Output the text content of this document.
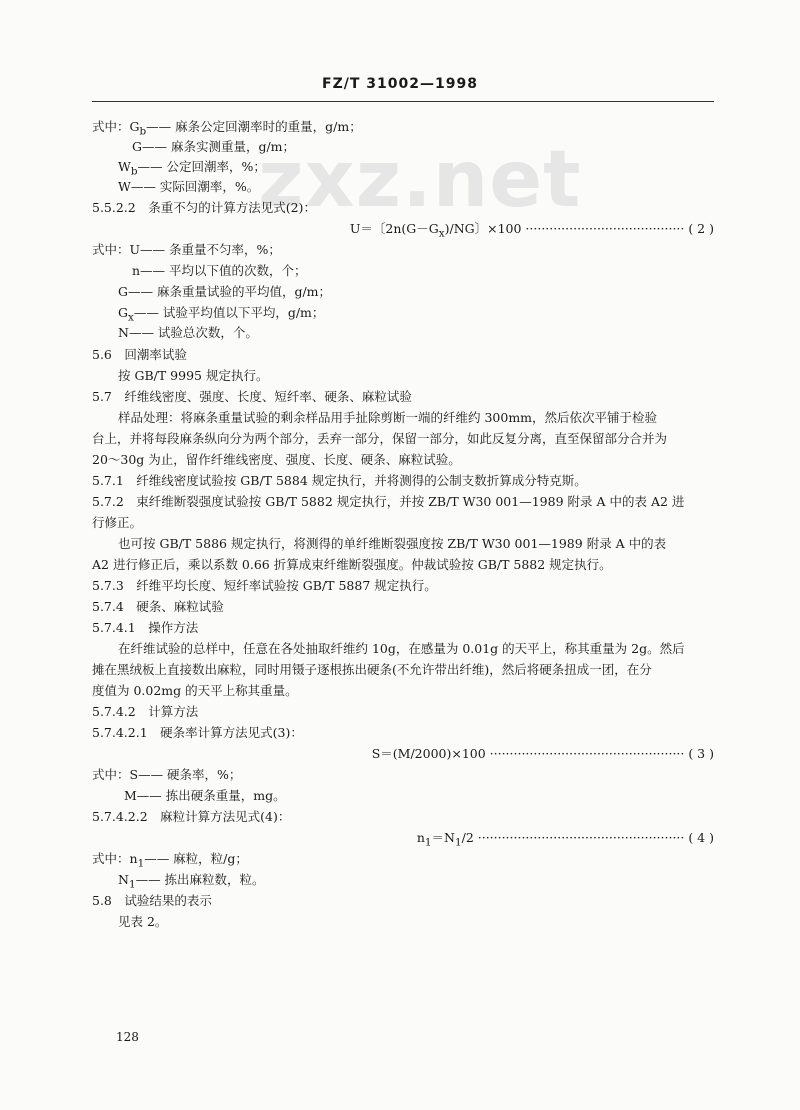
FZ/T 31002—1998
zxz.net
式中：$G_b——$ 麻条公定回潮率时的重量，g/m；
G—— 麻条实测重量，g/m；
$W_b——$ 公定回潮率，%；
W—— 实际回潮率，%。
5.5.2.2　条重不匀的计算方法见式(2)：
U＝〔$2n(G-G_x)/NG$〕×100 ········································ ( 2 )
式中：U—— 条重量不匀率，%；
n—— 平均以下值的次数，个；
G—— 麻条重量试验的平均值，g/m；
$G_x——$ 试验平均值以下平均，g/m；
N—— 试验总次数，个。
5.6　回潮率试验
按 GB/T 9995 规定执行。
5.7　纤维线密度、强度、长度、短纤率、硬条、麻粒试验
样品处理：将麻条重量试验的剩余样品用手扯除剪断一端的纤维约 300mm，然后依次平铺于检验
台上，并将每段麻条纵向分为两个部分，丢弃一部分，保留一部分，如此反复分离，直至保留部分合并为
20～30g 为止，留作纤维线密度、强度、长度、硬条、麻粒试验。
5.7.1　纤维线密度试验按 GB/T 5884 规定执行，并将测得的公制支数折算成分特克斯。
5.7.2　束纤维断裂强度试验按 GB/T 5882 规定执行，并按 ZB/T W30 001—1989 附录 A 中的表 A2 进
行修正。
也可按 GB/T 5886 规定执行，将测得的单纤维断裂强度按 ZB/T W30 001—1989 附录 A 中的表
A2 进行修正后，乘以系数 0.66 折算成束纤维断裂强度。仲裁试验按 GB/T 5882 规定执行。
5.7.3　纤维平均长度、短纤率试验按 GB/T 5887 规定执行。
5.7.4　硬条、麻粒试验
5.7.4.1　操作方法
在纤维试验的总样中，任意在各处抽取纤维约 10g，在感量为 0.01g 的天平上，称其重量为 2g。然后
摊在黑绒板上直接数出麻粒，同时用镊子逐根拣出硬条(不允许带出纤维)，然后将硬条扭成一团，在分
度值为 0.02mg 的天平上称其重量。
5.7.4.2　计算方法
5.7.4.2.1　硬条率计算方法见式(3)：
S＝(M/2000)×100 ················································· ( 3 )
式中：S—— 硬条率，%；
M—— 拣出硬条重量，mg。
5.7.4.2.2　麻粒计算方法见式(4)：
$n_1=N_1/2$ ···················································· ( 4 )
式中：$n_1——$ 麻粒，粒/g；
$N_1——$ 拣出麻粒数，粒。
5.8　试验结果的表示
见表 2。
128
